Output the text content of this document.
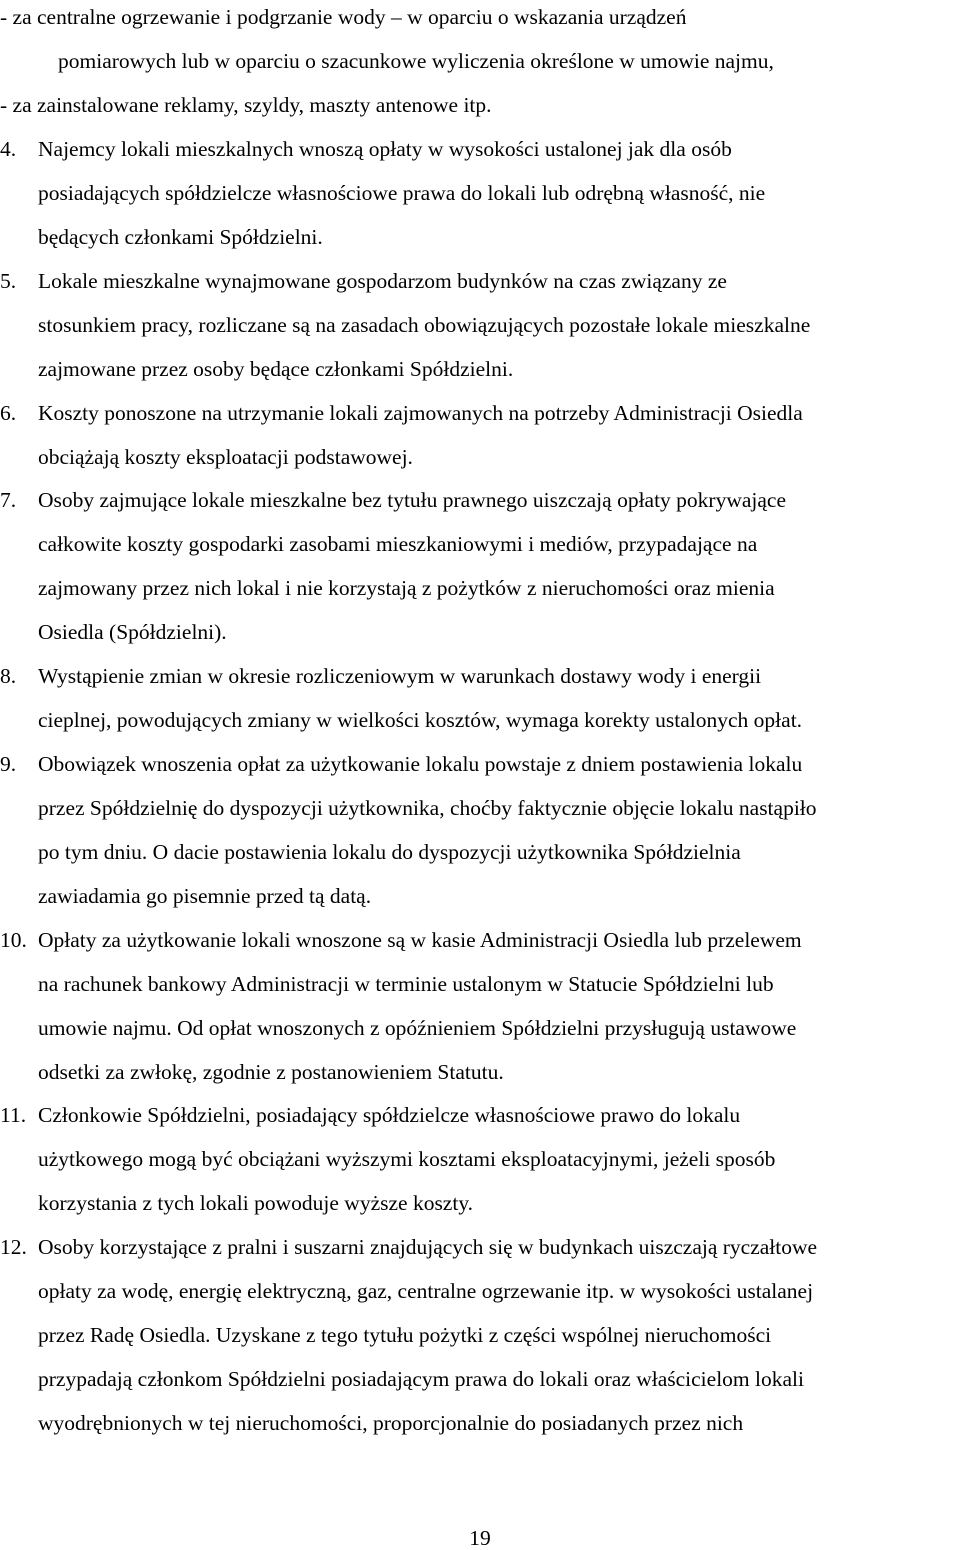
- za centralne ogrzewanie i podgrzanie wody – w oparciu o wskazania urządzeń
pomiarowych lub w oparciu o szacunkowe wyliczenia określone w umowie najmu,
- za zainstalowane reklamy, szyldy, maszty antenowe itp.
4. Najemcy lokali mieszkalnych wnoszą opłaty w wysokości ustalonej jak dla osób
posiadających spółdzielcze własnościowe prawa do lokali lub odrębną własność, nie
będących członkami Spółdzielni.
5. Lokale mieszkalne wynajmowane gospodarzom budynków na czas związany ze
stosunkiem pracy, rozliczane są na zasadach obowiązujących pozostałe lokale mieszkalne
zajmowane przez osoby będące członkami Spółdzielni.
6. Koszty ponoszone na utrzymanie lokali zajmowanych na potrzeby Administracji Osiedla
obciążają koszty eksploatacji podstawowej.
7. Osoby zajmujące lokale mieszkalne bez tytułu prawnego uiszczają opłaty pokrywające
całkowite koszty gospodarki zasobami mieszkaniowymi i mediów, przypadające na
zajmowany przez nich lokal i nie korzystają z pożytków z nieruchomości oraz mienia
Osiedla (Spółdzielni).
8. Wystąpienie zmian w okresie rozliczeniowym w warunkach dostawy wody i energii
cieplnej, powodujących zmiany w wielkości kosztów, wymaga korekty ustalonych opłat.
9. Obowiązek wnoszenia opłat za użytkowanie lokalu powstaje z dniem postawienia lokalu
przez Spółdzielnię do dyspozycji użytkownika, choćby faktycznie objęcie lokalu nastąpiło
po tym dniu. O dacie postawienia lokalu do dyspozycji użytkownika Spółdzielnia
zawiadamia go pisemnie przed tą datą.
10. Opłaty za użytkowanie lokali wnoszone są w kasie Administracji Osiedla lub przelewem
na rachunek bankowy Administracji w terminie ustalonym w Statucie Spółdzielni lub
umowie najmu. Od opłat wnoszonych z opóźnieniem Spółdzielni przysługują ustawowe
odsetki za zwłokę, zgodnie z postanowieniem Statutu.
11. Członkowie Spółdzielni, posiadający spółdzielcze własnościowe prawo do lokalu
użytkowego mogą być obciążani wyższymi kosztami eksploatacyjnymi, jeżeli sposób
korzystania z tych lokali powoduje wyższe koszty.
12. Osoby korzystające z pralni i suszarni znajdujących się w budynkach uiszczają ryczałtowe
opłaty za wodę, energię elektryczną, gaz, centralne ogrzewanie itp. w wysokości ustalanej
przez Radę Osiedla. Uzyskane z tego tytułu pożytki z części wspólnej nieruchomości
przypadają członkom Spółdzielni posiadającym prawa do lokali oraz właścicielom lokali
wyodrębnionych w tej nieruchomości, proporcjonalnie do posiadanych przez nich
19
